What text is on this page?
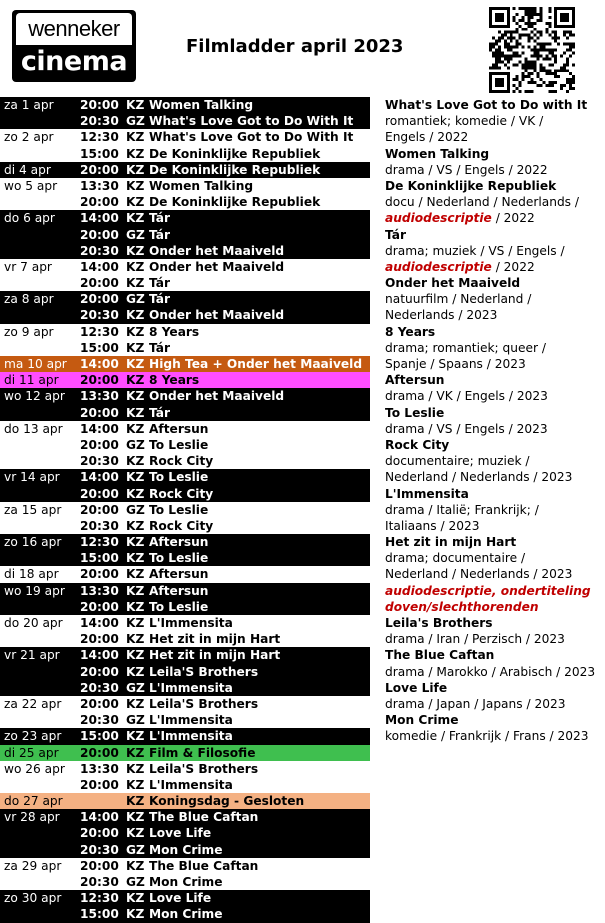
wenneker
cinema	Filmladder april 2023
za 1 apr 20:00 KZ Women Talking
20:30 GZ What's Love Got to Do With It
zo 2 apr 12:30 KZ What's Love Got to Do With It
15:00 KZ De Koninklijke Republiek
di 4 apr 20:00 KZ De Koninklijke Republiek
wo 5 apr 13:30 KZ Women Talking
20:00 KZ De Koninklijke Republiek
do 6 apr 14:00 KZ Tár
20:00 GZ Tár
20:30 KZ Onder het Maaiveld
vr 7 apr 14:00 KZ Onder het Maaiveld
20:00 KZ Tár
za 8 apr 20:00 GZ Tár
20:30 KZ Onder het Maaiveld
zo 9 apr 12:30 KZ 8 Years
15:00 KZ Tár
ma 10 apr 14:00 KZ High Tea + Onder het Maaiveld
di 11 apr 20:00 KZ 8 Years
wo 12 apr 13:30 KZ Onder het Maaiveld
20:00 KZ Tár
do 13 apr 14:00 KZ Aftersun
20:00 GZ To Leslie
20:30 KZ Rock City
vr 14 apr 14:00 KZ To Leslie
20:00 KZ Rock City
za 15 apr 20:00 GZ To Leslie
20:30 KZ Rock City
zo 16 apr 12:30 KZ Aftersun
15:00 KZ To Leslie
di 18 apr 20:00 KZ Aftersun
wo 19 apr 13:30 KZ Aftersun
20:00 KZ To Leslie
do 20 apr 14:00 KZ L'Immensita
20:00 KZ Het zit in mijn Hart
vr 21 apr 14:00 KZ Het zit in mijn Hart
20:00 KZ Leila'S Brothers
20:30 GZ L'Immensita
za 22 apr 20:00 KZ Leila'S Brothers
20:30 GZ L'Immensita
zo 23 apr 15:00 KZ L'Immensita
di 25 apr 20:00 KZ Film & Filosofie
wo 26 apr 13:30 KZ Leila'S Brothers
20:00 KZ L'Immensita
do 27 apr	KZ Koningsdag - Gesloten
vr 28 apr 14:00 KZ The Blue Caftan
20:00 KZ Love Life
20:30 GZ Mon Crime
za 29 apr 20:00 KZ The Blue Caftan
20:30 GZ Mon Crime
zo 30 apr 12:30 KZ Love Life
15:00 KZ Mon Crime
What's Love Got to Do with It
romantiek; komedie / VK /
Engels / 2022
Women Talking
drama / VS / Engels / 2022
De Koninklijke Republiek
docu / Nederland / Nederlands /
audiodescriptie / 2022
Tár
drama; muziek / VS / Engels /
audiodescriptie / 2022
Onder het Maaiveld
natuurfilm / Nederland /
Nederlands / 2023
8 Years
drama; romantiek; queer /
Spanje / Spaans / 2023
Aftersun
drama / VK / Engels / 2023
To Leslie
drama / VS / Engels / 2023
Rock City
documentaire; muziek /
Nederland / Nederlands / 2023
L'Immensita
drama / Italië; Frankrijk; /
Italiaans / 2023
Het zit in mijn Hart
drama; documentaire /
Nederland / Nederlands / 2023
audiodescriptie, ondertiteling
doven/slechthorenden
Leila's Brothers
drama / Iran / Perzisch / 2023
The Blue Caftan
drama / Marokko / Arabisch / 2023
Love Life
drama / Japan / Japans / 2023
Mon Crime
komedie / Frankrijk / Frans / 2023
